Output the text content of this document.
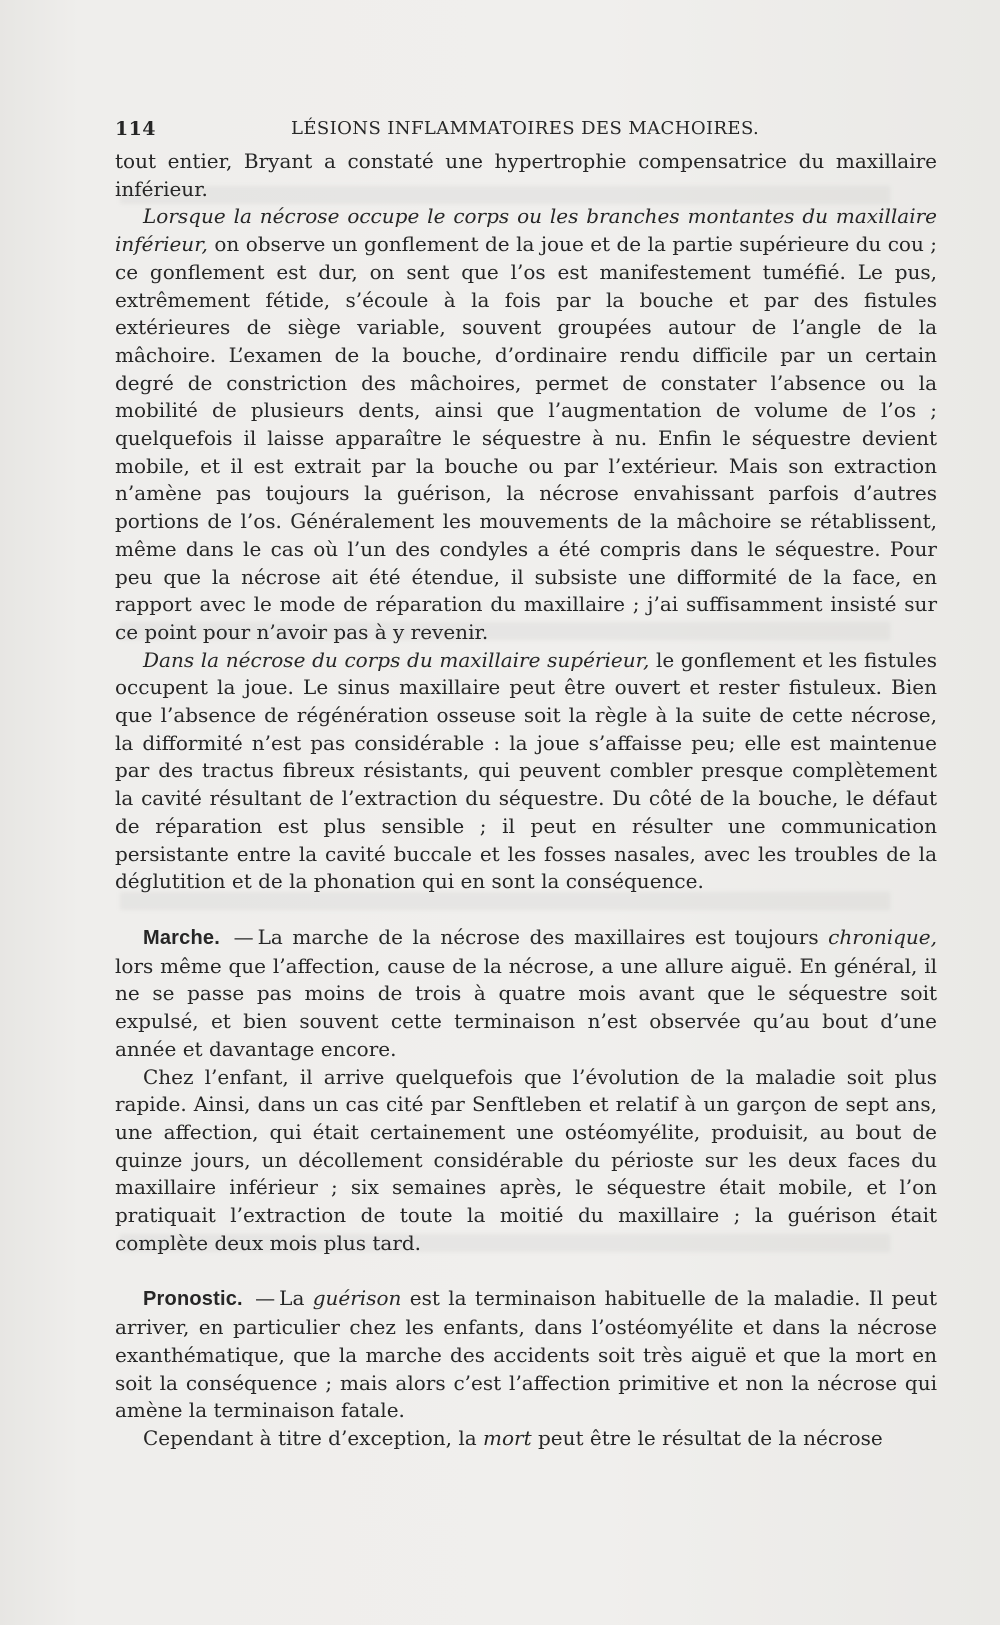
114	LÉSIONS INFLAMMATOIRES DES MACHOIRES.

tout entier, Bryant a constaté une hypertrophie compensatrice du maxillaire inférieur.

Lorsque la nécrose occupe le corps ou les branches montantes du maxillaire inférieur, on observe un gonflement de la joue et de la partie supérieure du cou ; ce gonflement est dur, on sent que l’os est manifestement tuméfié. Le pus, extrêmement fétide, s’écoule à la fois par la bouche et par des fistules extérieures de siège variable, souvent groupées autour de l’angle de la mâchoire. L’examen de la bouche, d’ordinaire rendu difficile par un certain degré de constriction des mâchoires, permet de constater l’absence ou la mobilité de plusieurs dents, ainsi que l’augmentation de volume de l’os ; quelquefois il laisse apparaître le séquestre à nu. Enfin le séquestre devient mobile, et il est extrait par la bouche ou par l’extérieur. Mais son extraction n’amène pas toujours la guérison, la nécrose envahissant parfois d’autres portions de l’os. Généralement les mouvements de la mâchoire se rétablissent, même dans le cas où l’un des condyles a été compris dans le séquestre. Pour peu que la nécrose ait été étendue, il subsiste une difformité de la face, en rapport avec le mode de réparation du maxillaire ; j’ai suffisamment insisté sur ce point pour n’avoir pas à y revenir.

Dans la nécrose du corps du maxillaire supérieur, le gonflement et les fistules occupent la joue. Le sinus maxillaire peut être ouvert et rester fistuleux. Bien que l’absence de régénération osseuse soit la règle à la suite de cette nécrose, la difformité n’est pas considérable : la joue s’affaisse peu; elle est maintenue par des tractus fibreux résistants, qui peuvent combler presque complètement la cavité résultant de l’extraction du séquestre. Du côté de la bouche, le défaut de réparation est plus sensible ; il peut en résulter une communication persistante entre la cavité buccale et les fosses nasales, avec les troubles de la déglutition et de la phonation qui en sont la conséquence.

Marche. — La marche de la nécrose des maxillaires est toujours chronique, lors même que l’affection, cause de la nécrose, a une allure aiguë. En général, il ne se passe pas moins de trois à quatre mois avant que le séquestre soit expulsé, et bien souvent cette terminaison n’est observée qu’au bout d’une année et davantage encore.

Chez l’enfant, il arrive quelquefois que l’évolution de la maladie soit plus rapide. Ainsi, dans un cas cité par Senftleben et relatif à un garçon de sept ans, une affection, qui était certainement une ostéomyélite, produisit, au bout de quinze jours, un décollement considérable du périoste sur les deux faces du maxillaire inférieur ; six semaines après, le séquestre était mobile, et l’on pratiquait l’extraction de toute la moitié du maxillaire ; la guérison était complète deux mois plus tard.

Pronostic. — La guérison est la terminaison habituelle de la maladie. Il peut arriver, en particulier chez les enfants, dans l’ostéomyélite et dans la nécrose exanthématique, que la marche des accidents soit très aiguë et que la mort en soit la conséquence ; mais alors c’est l’affection primitive et non la nécrose qui amène la terminaison fatale.

Cependant à titre d’exception, la mort peut être le résultat de la nécrose
